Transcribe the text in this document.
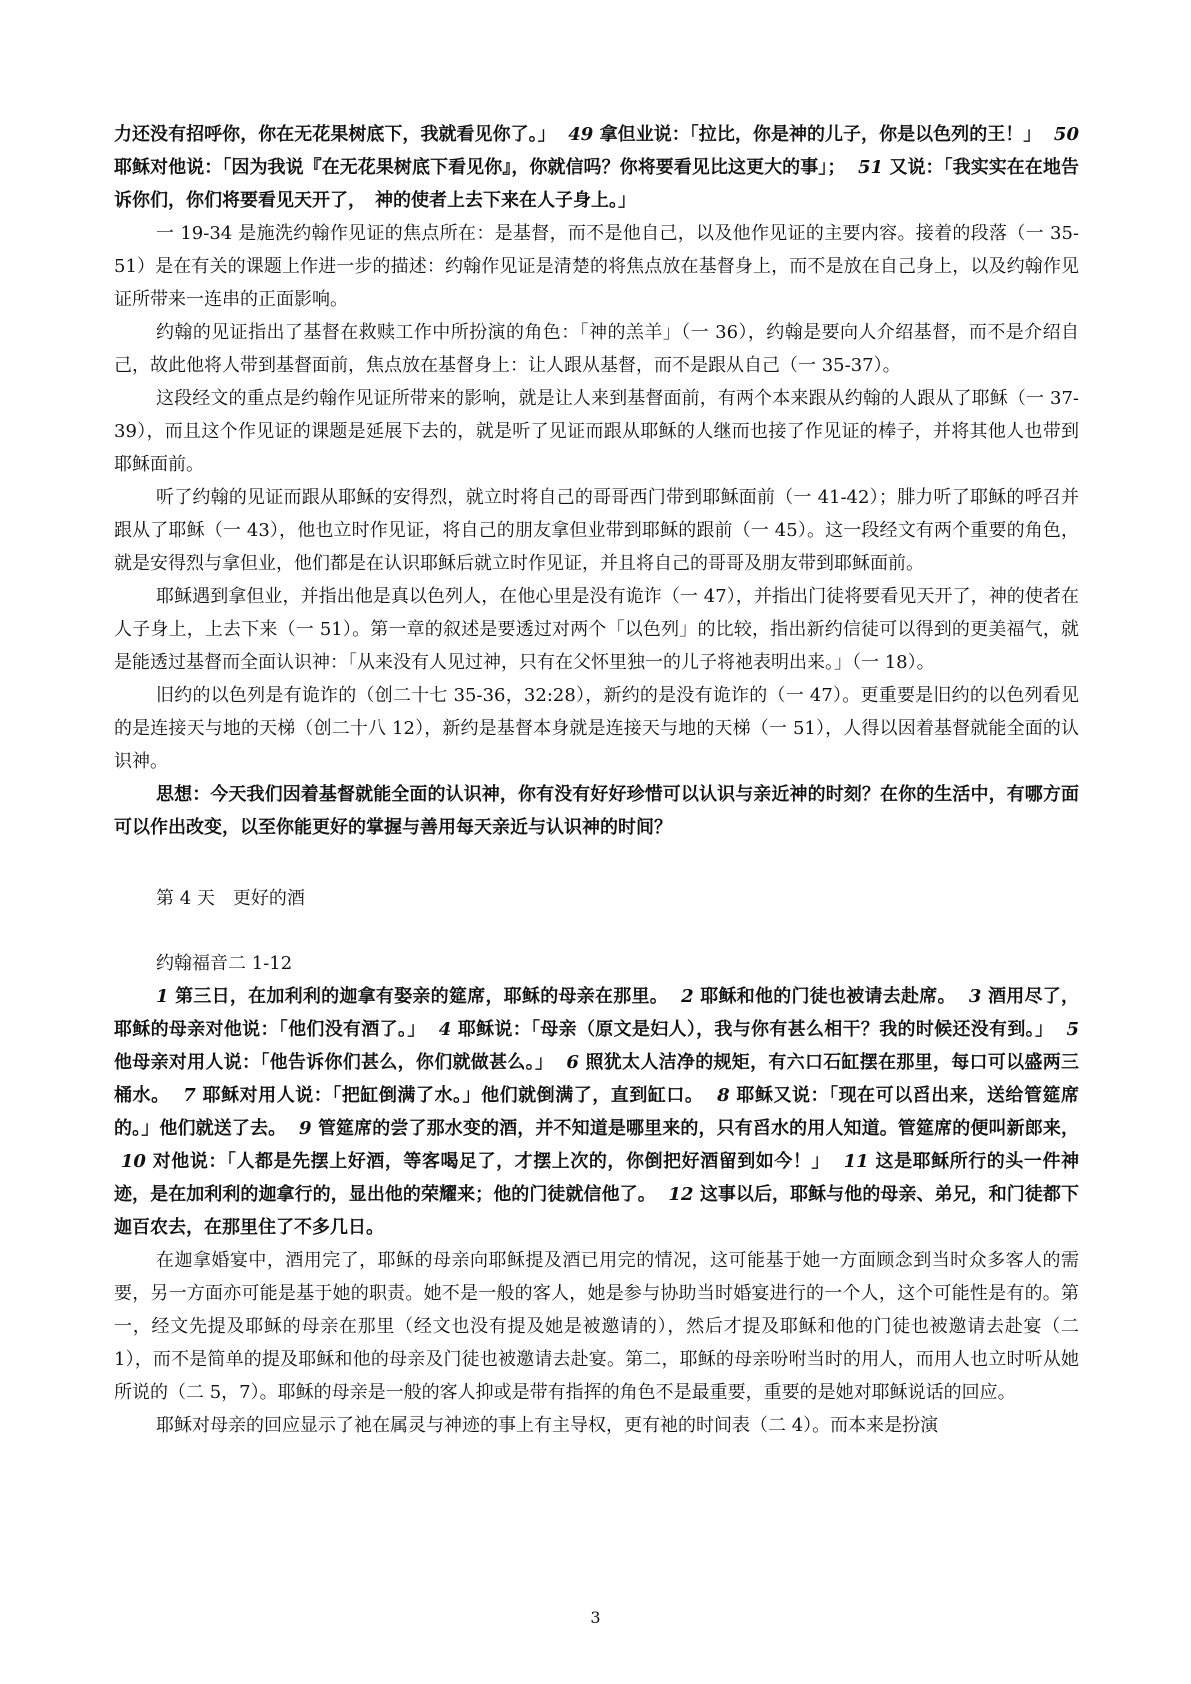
力还没有招呼你，你在无花果树底下，我就看见你了。」 49 拿但业说：「拉比，你是神的儿子，你是以色列的王！」 50 耶稣对他说：「因为我说『在无花果树底下看见你』，你就信吗？你将要看见比这更大的事」； 51 又说：「我实实在在地告诉你们，你们将要看见天开了，　神的使者上去下来在人子身上。」

一 19-34 是施洗约翰作见证的焦点所在：是基督，而不是他自己，以及他作见证的主要内容。接着的段落（一 35-51）是在有关的课题上作进一步的描述：约翰作见证是清楚的将焦点放在基督身上，而不是放在自己身上，以及约翰作见证所带来一连串的正面影响。

约翰的见证指出了基督在救赎工作中所扮演的角色：「神的羔羊」（一 36），约翰是要向人介绍基督，而不是介绍自己，故此他将人带到基督面前，焦点放在基督身上：让人跟从基督，而不是跟从自己（一 35-37）。

这段经文的重点是约翰作见证所带来的影响，就是让人来到基督面前，有两个本来跟从约翰的人跟从了耶稣（一 37-39），而且这个作见证的课题是延展下去的，就是听了见证而跟从耶稣的人继而也接了作见证的棒子，并将其他人也带到耶稣面前。

听了约翰的见证而跟从耶稣的安得烈，就立时将自己的哥哥西门带到耶稣面前（一 41-42）；腓力听了耶稣的呼召并跟从了耶稣（一 43），他也立时作见证，将自己的朋友拿但业带到耶稣的跟前（一 45）。这一段经文有两个重要的角色，就是安得烈与拿但业，他们都是在认识耶稣后就立时作见证，并且将自己的哥哥及朋友带到耶稣面前。

耶稣遇到拿但业，并指出他是真以色列人，在他心里是没有诡诈（一 47），并指出门徒将要看见天开了，神的使者在人子身上，上去下来（一 51）。第一章的叙述是要透过对两个「以色列」的比较，指出新约信徒可以得到的更美福气，就是能透过基督而全面认识神：「从来没有人见过神，只有在父怀里独一的儿子将祂表明出来。」（一 18）。

旧约的以色列是有诡诈的（创二十七 35-36，32:28），新约的是没有诡诈的（一 47）。更重要是旧约的以色列看见的是连接天与地的天梯（创二十八 12），新约是基督本身就是连接天与地的天梯（一 51），人得以因着基督就能全面的认识神。

思想：今天我们因着基督就能全面的认识神，你有没有好好珍惜可以认识与亲近神的时刻？在你的生活中，有哪方面可以作出改变，以至你能更好的掌握与善用每天亲近与认识神的时间？

第 4 天　更好的酒

约翰福音二 1-12

1 第三日，在加利利的迦拿有娶亲的筵席，耶稣的母亲在那里。 2 耶稣和他的门徒也被请去赴席。 3 酒用尽了，耶稣的母亲对他说：「他们没有酒了。」 4 耶稣说：「母亲（原文是妇人），我与你有甚么相干？我的时候还没有到。」 5 他母亲对用人说：「他告诉你们甚么，你们就做甚么。」 6 照犹太人洁净的规矩，有六口石缸摆在那里，每口可以盛两三桶水。 7 耶稣对用人说：「把缸倒满了水。」他们就倒满了，直到缸口。 8 耶稣又说：「现在可以舀出来，送给管筵席的。」他们就送了去。 9 管筵席的尝了那水变的酒，并不知道是哪里来的，只有舀水的用人知道。管筵席的便叫新郎来，  10 对他说：「人都是先摆上好酒，等客喝足了，才摆上次的，你倒把好酒留到如今！」 11 这是耶稣所行的头一件神迹，是在加利利的迦拿行的，显出他的荣耀来；他的门徒就信他了。 12 这事以后，耶稣与他的母亲、弟兄，和门徒都下迦百农去，在那里住了不多几日。

在迦拿婚宴中，酒用完了，耶稣的母亲向耶稣提及酒已用完的情况，这可能基于她一方面顾念到当时众多客人的需要，另一方面亦可能是基于她的职责。她不是一般的客人，她是参与协助当时婚宴进行的一个人，这个可能性是有的。第一，经文先提及耶稣的母亲在那里（经文也没有提及她是被邀请的），然后才提及耶稣和他的门徒也被邀请去赴宴（二 1），而不是简单的提及耶稣和他的母亲及门徒也被邀请去赴宴。第二，耶稣的母亲吩咐当时的用人，而用人也立时听从她所说的（二 5，7）。耶稣的母亲是一般的客人抑或是带有指挥的角色不是最重要，重要的是她对耶稣说话的回应。

耶稣对母亲的回应显示了祂在属灵与神迹的事上有主导权，更有祂的时间表（二 4）。而本来是扮演

3
